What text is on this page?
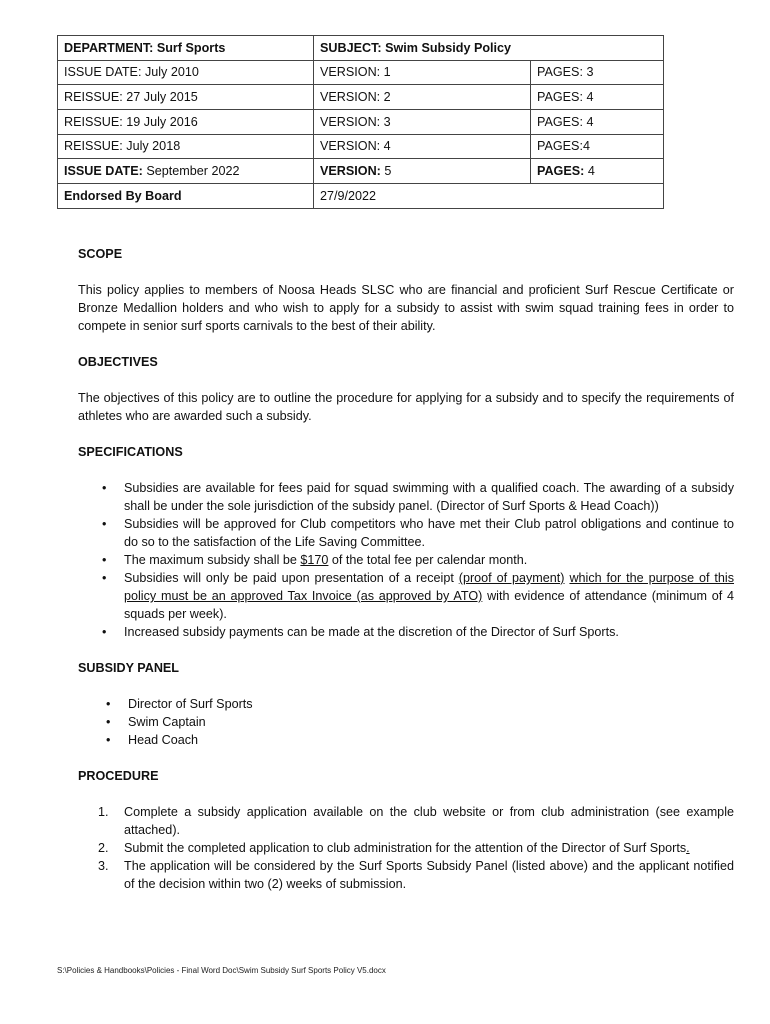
DEPARTMENT: Surf Sports	SUBJECT: Swim Subsidy Policy	
ISSUE DATE: July 2010	VERSION: 1	PAGES: 3
REISSUE: 27 July 2015	VERSION: 2	PAGES: 4
REISSUE: 19 July 2016	VERSION: 3	PAGES: 4
REISSUE: July 2018	VERSION: 4	PAGES:4
ISSUE DATE: September 2022	VERSION: 5	PAGES: 4
Endorsed By Board	27/9/2022	

SCOPE

This policy applies to members of Noosa Heads SLSC who are financial and proficient Surf Rescue Certificate or Bronze Medallion holders and who wish to apply for a subsidy to assist with swim squad training fees in order to compete in senior surf sports carnivals to the best of their ability.

OBJECTIVES

The objectives of this policy are to outline the procedure for applying for a subsidy and to specify the requirements of athletes who are awarded such a subsidy.

SPECIFICATIONS

• Subsidies are available for fees paid for squad swimming with a qualified coach. The awarding of a subsidy shall be under the sole jurisdiction of the subsidy panel. (Director of Surf Sports & Head Coach))
• Subsidies will be approved for Club competitors who have met their Club patrol obligations and continue to do so to the satisfaction of the Life Saving Committee.
• The maximum subsidy shall be $170 of the total fee per calendar month.
• Subsidies will only be paid upon presentation of a receipt (proof of payment) which for the purpose of this policy must be an approved Tax Invoice (as approved by ATO) with evidence of attendance (minimum of 4 squads per week).
• Increased subsidy payments can be made at the discretion of the Director of Surf Sports.

SUBSIDY PANEL

• Director of Surf Sports
• Swim Captain
• Head Coach

PROCEDURE

1. Complete a subsidy application available on the club website or from club administration (see example attached).
2. Submit the completed application to club administration for the attention of the Director of Surf Sports.
3. The application will be considered by the Surf Sports Subsidy Panel (listed above) and the applicant notified of the decision within two (2) weeks of submission.
S:\Policies & Handbooks\Policies - Final Word Doc\Swim Subsidy Surf Sports Policy V5.docx
